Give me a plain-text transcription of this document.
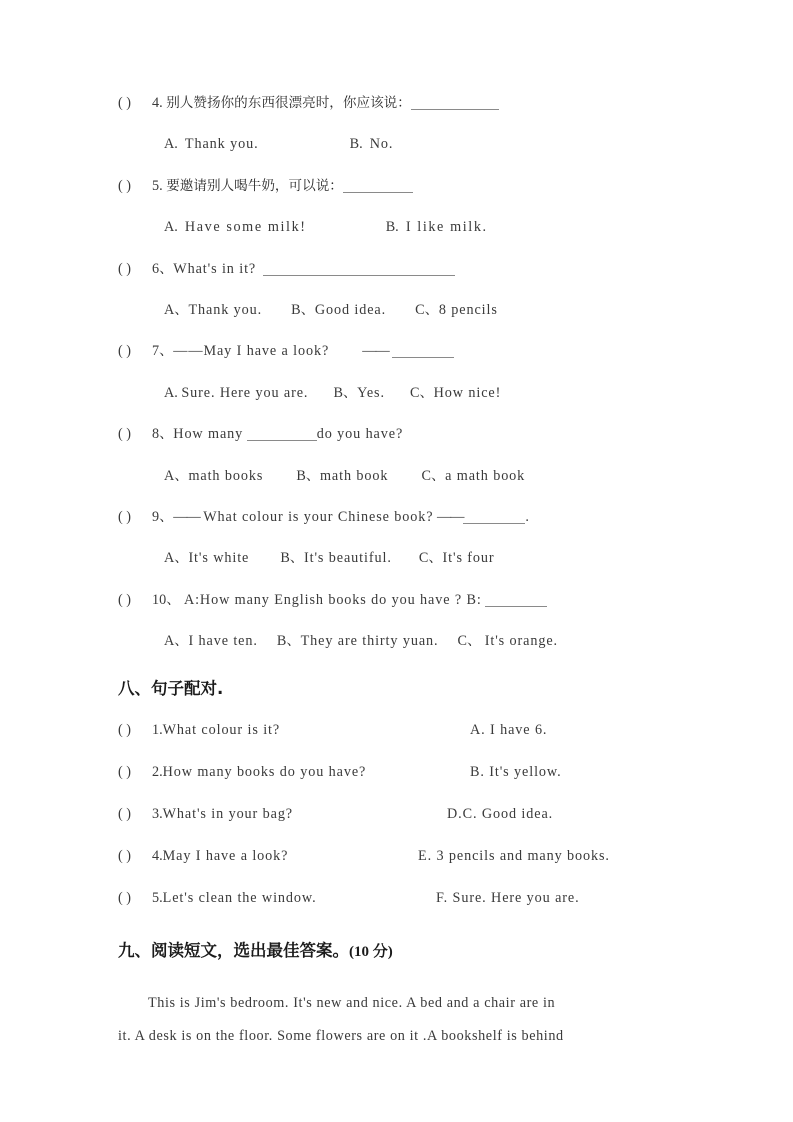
( ) 4. 别人赞扬你的东西很漂亮时，你应该说：
A. Thank you.	B. No.
( ) 5. 要邀请别人喝牛奶，可以说：
A. Have some milk!	B. I like milk.
( ) 6、What's in it?
A、Thank you. B、Good idea. C、8 pencils
( ) 7、——May I have a look? ——
A. Sure. Here you are. B、Yes. C、How nice!
( ) 8、How many	do you have?
A、math books B、math book C、a math book
( ) 9、—— What colour is your Chinese book? ——	.
A、It's white B、It's beautiful. C、It's four
( ) 10、 A:How many English books do you have ? B:
A、I have ten. B、They are thirty yuan. C、 It's orange.
八、句子配对.
( ) 1.What colour is it?	A. I have 6.
( ) 2.How many books do you have?	B. It's yellow.
( ) 3.What's in your bag?	D.C. Good idea.
( ) 4.May I have a look?	E. 3 pencils and many books.
( ) 5.Let's clean the window.	F. Sure. Here you are.
九、阅读短文，选出最佳答案。(10 分)
This is Jim's bedroom. It's new and nice. A bed and a chair are in
it. A desk is on the floor. Some flowers are on it .A bookshelf is behind
